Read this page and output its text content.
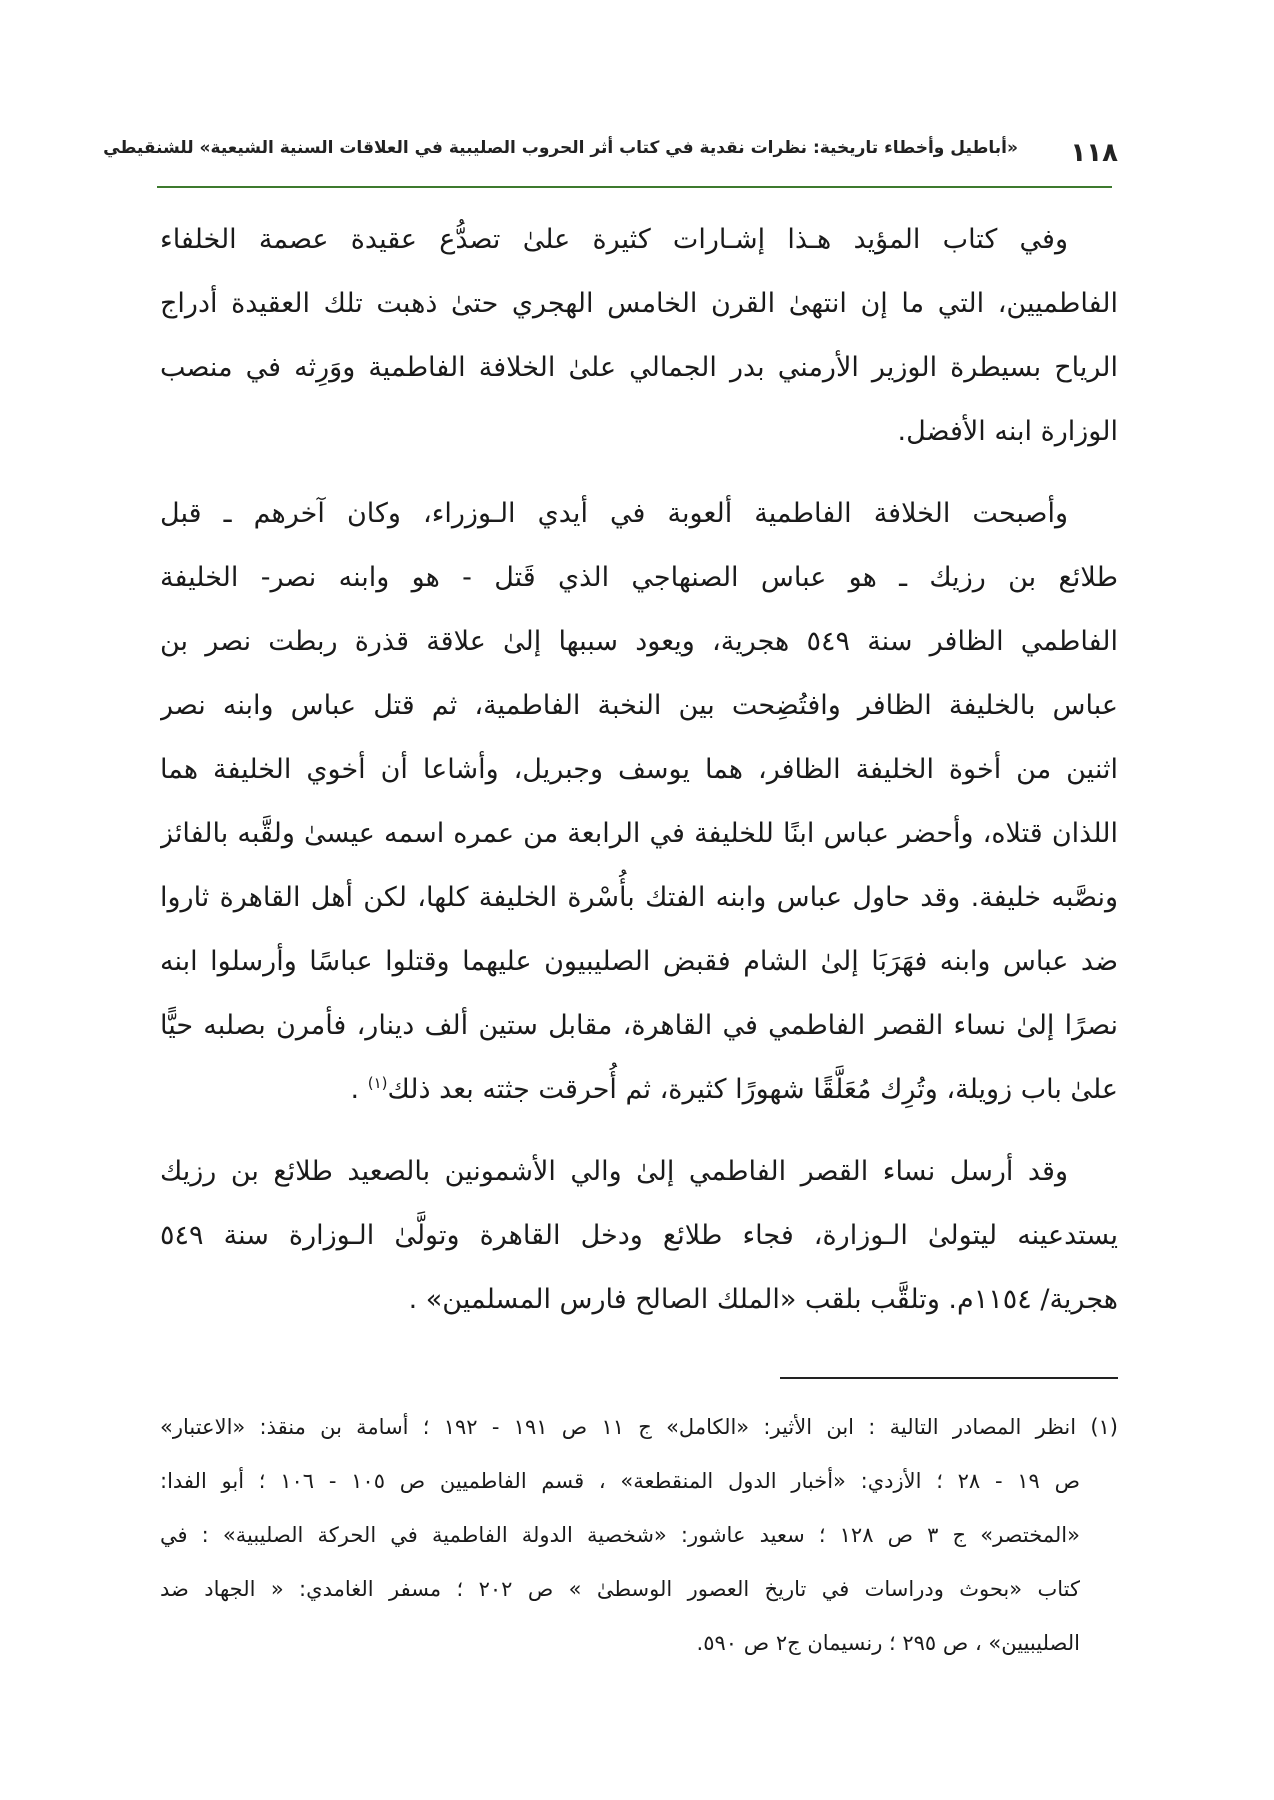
١١٨
«أباطيل وأخطاء تاريخية: نظرات نقدية في كتاب أثر الحروب الصليبية في العلاقات السنية الشيعية» للشنقيطي
وفي كتاب المؤيد هـذا إشـارات كثيرة علىٰ تصدُّع عقيدة عصمة الخلفاء
الفاطميين، التي ما إن انتهىٰ القرن الخامس الهجري حتىٰ ذهبت تلك العقيدة أدراج
الرياح بسيطرة الوزير الأرمني بدر الجمالي علىٰ الخلافة الفاطمية ووَرِثه في منصب
الوزارة ابنه الأفضل.
وأصبحت الخلافة الفاطمية ألعوبة في أيدي الـوزراء، وكان آخرهم ـ قبل
طلائع بن رزيك ـ هو عباس الصنهاجي الذي قَتل - هو وابنه نصر- الخليفة
الفاطمي الظافر سنة ٥٤٩ هجرية، ويعود سببها إلىٰ علاقة قذرة ربطت نصر بن
عباس بالخليفة الظافر وافتُضِحت بين النخبة الفاطمية، ثم قتل عباس وابنه نصر
اثنين من أخوة الخليفة الظافر، هما يوسف وجبريل، وأشاعا أن أخوي الخليفة هما
اللذان قتلاه، وأحضر عباس ابنًا للخليفة في الرابعة من عمره اسمه عيسىٰ ولقَّبه بالفائز
ونصَّبه خليفة. وقد حاول عباس وابنه الفتك بأُسْرة الخليفة كلها، لكن أهل القاهرة ثاروا
ضد عباس وابنه فهَرَبَا إلىٰ الشام فقبض الصليبيون عليهما وقتلوا عباسًا وأرسلوا ابنه
نصرًا إلىٰ نساء القصر الفاطمي في القاهرة، مقابل ستين ألف دينار، فأمرن بصلبه حيًّا
علىٰ باب زويلة، وتُرِك مُعَلَّقًا شهورًا كثيرة، ثم أُحرقت جثته بعد ذلك$^{(١)}$ .
وقد أرسل نساء القصر الفاطمي إلىٰ والي الأشمونين بالصعيد طلائع بن رزيك
يستدعينه ليتولىٰ الـوزارة، فجاء طلائع ودخل القاهرة وتولَّىٰ الـوزارة سنة ٥٤٩
هجرية/ ١١٥٤م. وتلقَّب بلقب «الملك الصالح فارس المسلمين» .
(١) انظر المصادر التالية : ابن الأثير: «الكامل» ج ١١ ص ١٩١ - ١٩٢ ؛ أسامة بن منقذ: «الاعتبار»
ص ١٩ - ٢٨ ؛ الأزدي: «أخبار الدول المنقطعة» ، قسم الفاطميين ص ١٠٥ - ١٠٦ ؛ أبو الفدا:
«المختصر» ج ٣ ص ١٢٨ ؛ سعيد عاشور: «شخصية الدولة الفاطمية في الحركة الصليبية» : في
كتاب «بحوث ودراسات في تاريخ العصور الوسطىٰ » ص ٢٠٢ ؛ مسفر الغامدي: « الجهاد ضد
الصليبيين» ، ص ٢٩٥ ؛ رنسيمان ج٢ ص ٥٩٠.
